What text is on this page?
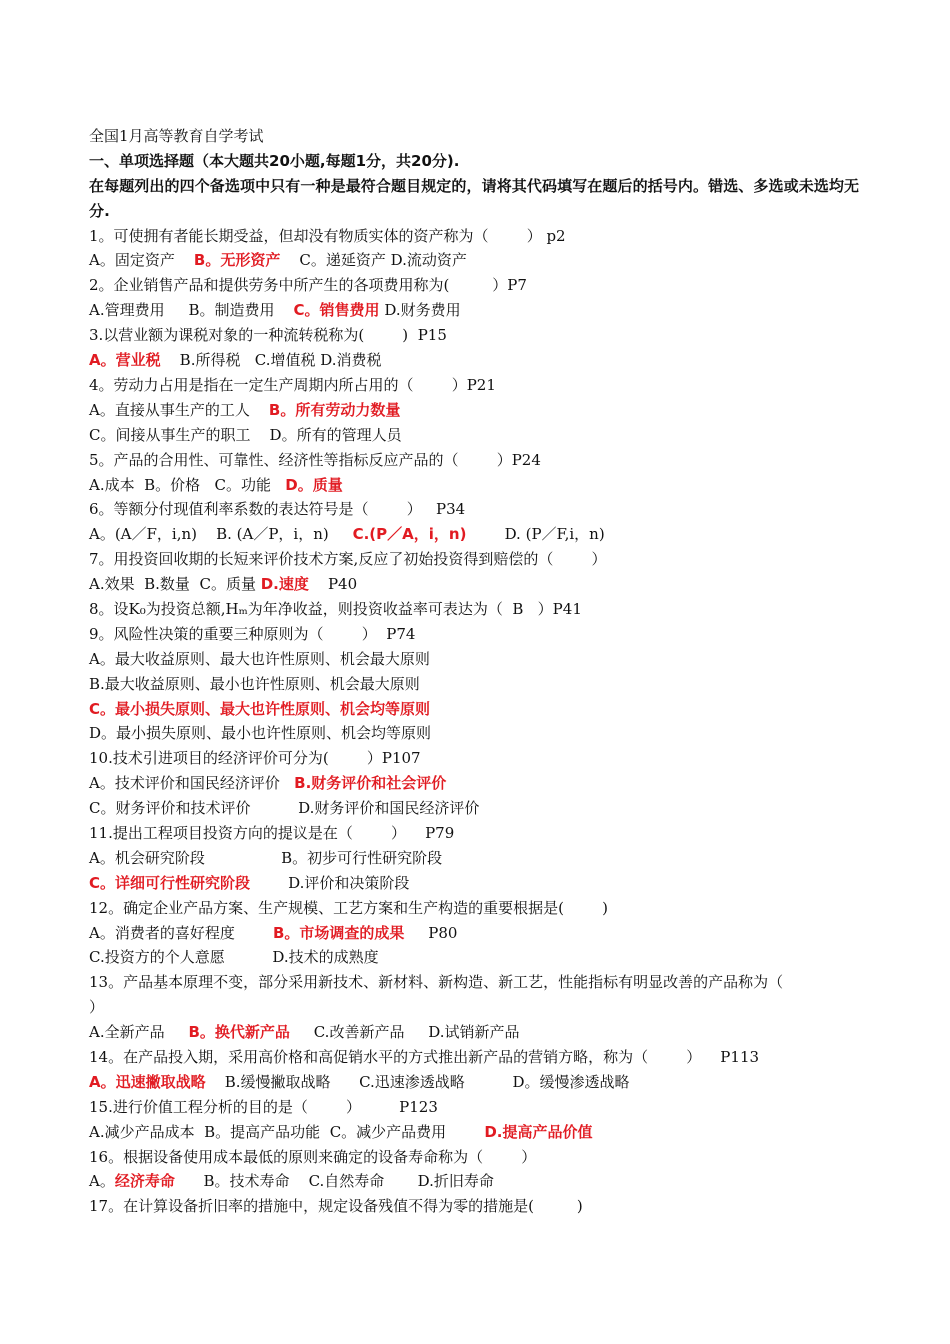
全国1月高等教育自学考试
一、单项选择题（本大题共20小题,每题1分，共20分).
在每题列出的四个备选项中只有一种是最符合题目规定的，请将其代码填写在题后的括号内。错选、多选或未选均无分.
1。可使拥有者能长期受益，但却没有物质实体的资产称为（        ） p2
A。固定资产    B。无形资产    C。递延资产 D.流动资产
2。企业销售产品和提供劳务中所产生的各项费用称为(         ）P7
A.管理费用     B。制造费用    C。销售费用 D.财务费用
3.以营业额为课税对象的一种流转税称为(        )  P15
A。营业税    B.所得税   C.增值税 D.消费税
4。劳动力占用是指在一定生产周期内所占用的（        ）P21
A。直接从事生产的工人    B。所有劳动力数量
C。间接从事生产的职工    D。所有的管理人员
5。产品的合用性、可靠性、经济性等指标反应产品的（        ）P24
A.成本  B。价格   C。功能   D。质量
6。等额分付现值利率系数的表达符号是（        ）   P34
A。(A／F，i,n)    B. (A／P，i，n)     C.(P／A，i，n)        D. (P／F,i，n)
7。用投资回收期的长短来评价技术方案,反应了初始投资得到赔偿的（        ）
A.效果  B.数量  C。质量 D.速度    P40
8。设K₀为投资总额,Hₘ为年净收益，则投资收益率可表达为（  B   ）P41
9。风险性决策的重要三种原则为（        ）  P74
A。最大收益原则、最大也许性原则、机会最大原则
B.最大收益原则、最小也许性原则、机会最大原则
C。最小损失原则、最大也许性原则、机会均等原则
D。最小损失原则、最小也许性原则、机会均等原则
10.技术引进项目的经济评价可分为(        ）P107
A。技术评价和国民经济评价   B.财务评价和社会评价
C。财务评价和技术评价          D.财务评价和国民经济评价
11.提出工程项目投资方向的提议是在（        ）    P79
A。机会研究阶段                B。初步可行性研究阶段
C。详细可行性研究阶段        D.评价和决策阶段
12。确定企业产品方案、生产规模、工艺方案和生产构造的重要根据是(        )
A。消费者的喜好程度        B。市场调查的成果     P80
C.投资方的个人意愿          D.技术的成熟度
13。产品基本原理不变，部分采用新技术、新材料、新构造、新工艺，性能指标有明显改善的产品称为（
）
A.全新产品     B。换代新产品     C.改善新产品     D.试销新产品
14。在产品投入期，采用高价格和高促销水平的方式推出新产品的营销方略，称为（        ）    P113
A。迅速撇取战略    B.缓慢撇取战略      C.迅速渗透战略          D。缓慢渗透战略
15.进行价值工程分析的目的是（        ）        P123
A.减少产品成本  B。提高产品功能  C。减少产品费用        D.提高产品价值
16。根据设备使用成本最低的原则来确定的设备寿命称为（        ）
A。经济寿命      B。技术寿命    C.自然寿命       D.折旧寿命
17。在计算设备折旧率的措施中，规定设备残值不得为零的措施是(         )
